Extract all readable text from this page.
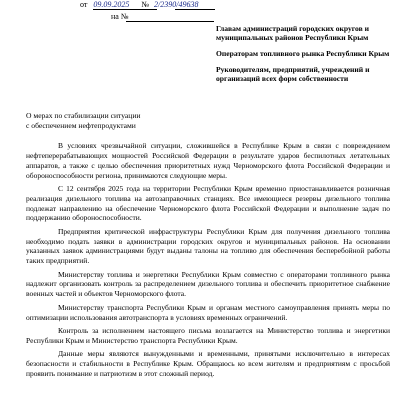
от 09.09.2025 № 2/2390/49638
на №

Главам администраций городских округов и муниципальных районов Республики Крым

Операторам топливного рынка Республики Крым

Руководителям, предприятий, учреждений и организаций всех форм собственности

О мерах по стабилизации ситуации
с обеспечением нефтепродуктами

В условиях чрезвычайной ситуации, сложившейся в Республике Крым в связи с повреждением нефтеперерабатывающих мощностей Российской Федерации в результате ударов беспилотных летательных аппаратов, а также с целью обеспечения приоритетных нужд Черноморского флота Российской Федерации и обороноспособности региона, принимаются следующие меры.

С 12 сентября 2025 года на территории Республики Крым временно приостанавливается розничная реализация дизельного топлива на автозаправочных станциях. Все имеющиеся резервы дизельного топлива подлежат направлению на обеспечение Черноморского флота Российской Федерации и выполнение задач по поддержанию обороноспособности.

Предприятия критической инфраструктуры Республики Крым для получения дизельного топлива необходимо подать заявки в администрации городских округов и муниципальных районов. На основании указанных заявок администрациями будут выданы талоны на топливо для обеспечения бесперебойной работы таких предприятий.

Министерству топлива и энергетики Республики Крым совместно с операторами топливного рынка надлежит организовать контроль за распределением дизельного топлива и обеспечить приоритетное снабжение военных частей и объектов Черноморского флота.

Министерству транспорта Республики Крым и органам местного самоуправления принять меры по оптимизации использования автотранспорта в условиях временных ограничений.

Контроль за исполнением настоящего письма возлагается на Министерство топлива и энергетики Республики Крым и Министерство транспорта Республики Крым.

Данные меры являются вынужденными и временными, принятыми исключительно в интересах безопасности и стабильности в Республике Крым. Обращаюсь ко всем жителям и предприятиям с просьбой проявить понимание и патриотизм в этот сложный период.
